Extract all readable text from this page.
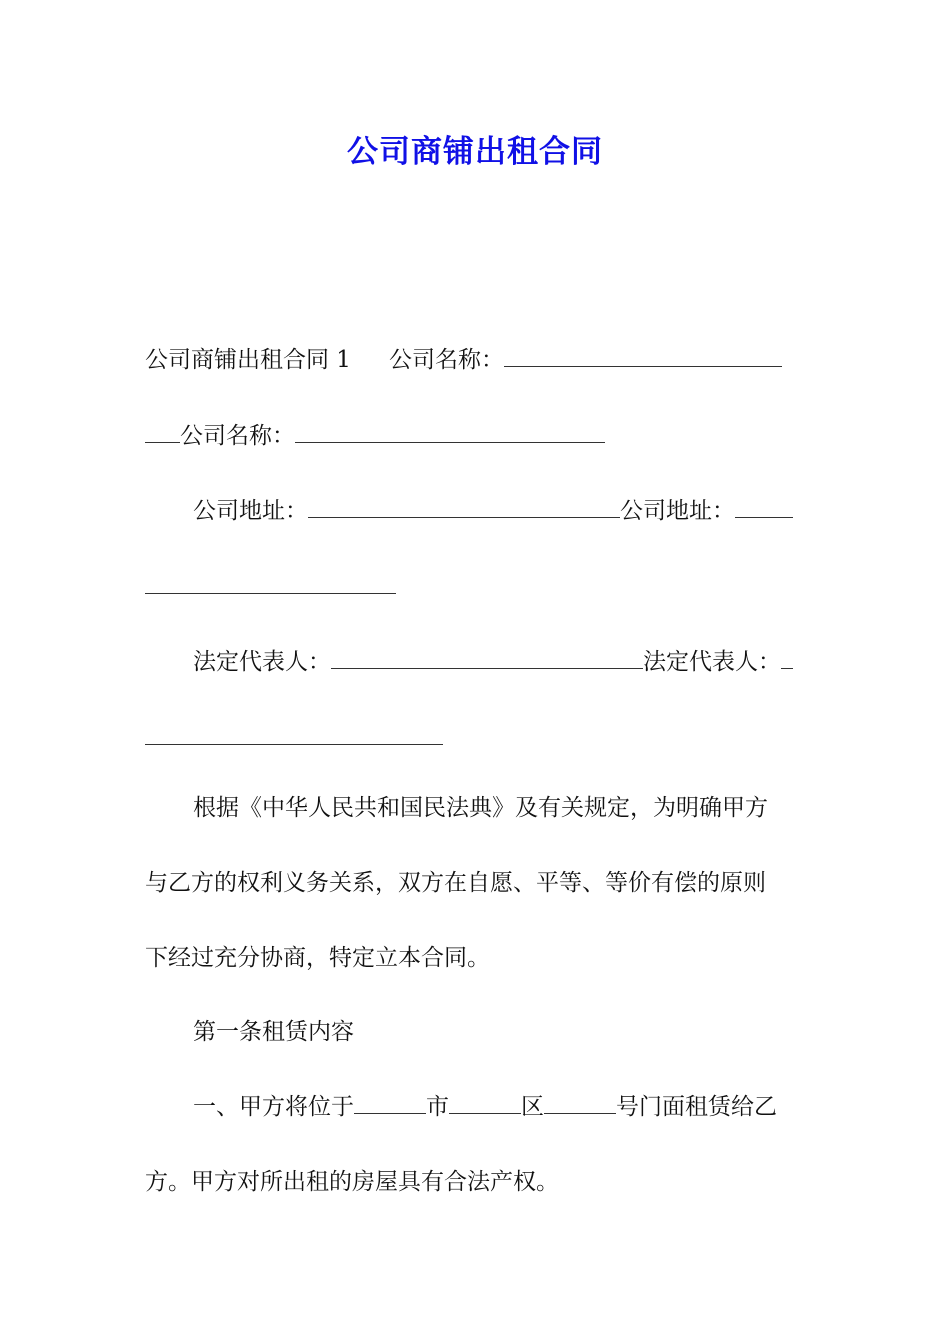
公司商铺出租合同
公司商铺出租合同 1 公司名称：
公司名称：
公司地址：	公司地址：
法定代表人：	法定代表人：
根据《中华人民共和国民法典》及有关规定，为明确甲方
与乙方的权利义务关系，双方在自愿、平等、等价有偿的原则
下经过充分协商，特定立本合同。
第一条租赁内容
一、甲方将位于	市	区	号门面租赁给乙
方。甲方对所出租的房屋具有合法产权。
